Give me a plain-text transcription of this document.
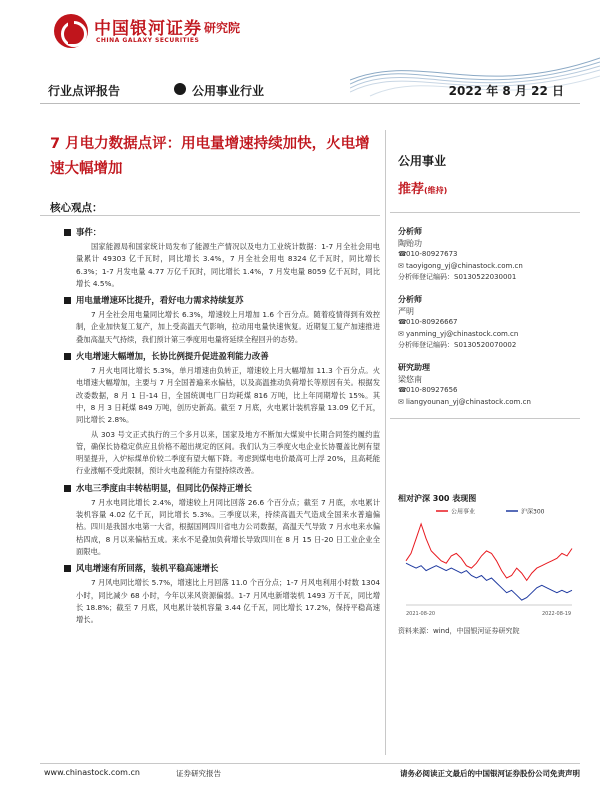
中国银河证券 研究院
CHINA GALAXY SECURITIES
行业点评报告	公用事业行业	2022 年 8 月 22 日
7 月电力数据点评：用电量增速持续加快，火电增速大幅增加
核心观点：
事件：

国家能源局和国家统计局发布了能源生产情况以及电力工业统计数据：1-7 月全社会用电量累计 49303 亿千瓦时，同比增长 3.4%，7 月全社会用电 8324 亿千瓦时，同比增长 6.3%；1-7 月发电量 4.77 万亿千瓦时，同比增长 1.4%，7 月发电量 8059 亿千瓦时，同比增长 4.5%。

用电量增速环比提升，看好电力需求持续复苏

7 月全社会用电量同比增长 6.3%，增速较上月增加 1.6 个百分点。随着疫情得到有效控制，企业加快复工复产，加上受高温天气影响，拉动用电量快速恢复。近期复工复产加速推进叠加高温天气持续，我们预计第三季度用电量将延续全程回升的态势。

火电增速大幅增加，长协比例提升促进盈利能力改善

7 月火电同比增长 5.3%，单月增速由负转正，增速较上月大幅增加 11.3 个百分点。火电增速大幅增加，主要与 7 月全国普遍来水偏枯，以及高温推动负荷增长等原因有关。根据发改委数据，8 月 1 日-14 日，全国统调电厂日均耗煤 816 万吨，比上年同期增长 15%。其中，8 月 3 日耗煤 849 万吨，创历史新高。截至 7 月底，火电累计装机容量 13.09 亿千瓦，同比增长 2.8%。

从 303 号文正式执行的三个多月以来，国家及地方不断加大煤炭中长期合同签约履约监管，确保长协稳定供应且价格不超出规定的区间。我们认为三季度火电企业长协覆盖比例有望明显提升，入炉标煤单价较二季度有望大幅下降。考虑到煤电电价最高可上浮 20%，且高耗能行业涨幅不受此限制，预计火电盈利能力有望持续改善。

水电三季度由丰转枯明显，但同比仍保持正增长

7 月水电同比增长 2.4%，增速较上月同比回落 26.6 个百分点；截至 7 月底，水电累计装机容量 4.02 亿千瓦，同比增长 5.3%。三季度以来，持续高温天气造成全国来水普遍偏枯。四川是我国水电第一大省，根据国网四川省电力公司数据，高温天气导致 7 月水电来水偏枯四成，8 月以来偏枯五成。来水不足叠加负荷增长导致四川在 8 月 15 日-20 日工业企业全面限电。

风电增速有所回落，装机平稳高速增长

7 月风电同比增长 5.7%，增速比上月回落 11.0 个百分点；1-7 月风电利用小时数 1304 小时，同比减少 68 小时，今年以来风资源偏弱。1-7 月风电新增装机 1493 万千瓦，同比增长 18.8%；截至 7 月底，风电累计装机容量 3.44 亿千瓦，同比增长 17.2%，保持平稳高速增长。

公用事业
推荐(维持)
分析师
陶贻功
☎010-80927673
✉ taoyigong_yj@chinastock.com.cn
分析师登记编码：S0130522030001
分析师
严明
☎010-80926667
✉ yanming_yj@chinastock.com.cn
分析师登记编码：S0130520070002
研究助理
梁悠南
☎010-80927656
✉ liangyounan_yj@chinastock.com.cn
相对沪深 300 表现图
公用事业	沪深300
2021-08-20	2022-08-19
资料来源：wind，中国银河证券研究院
www.chinastock.com.cn	证券研究报告	请务必阅读正文最后的中国银河证券股份公司免责声明
